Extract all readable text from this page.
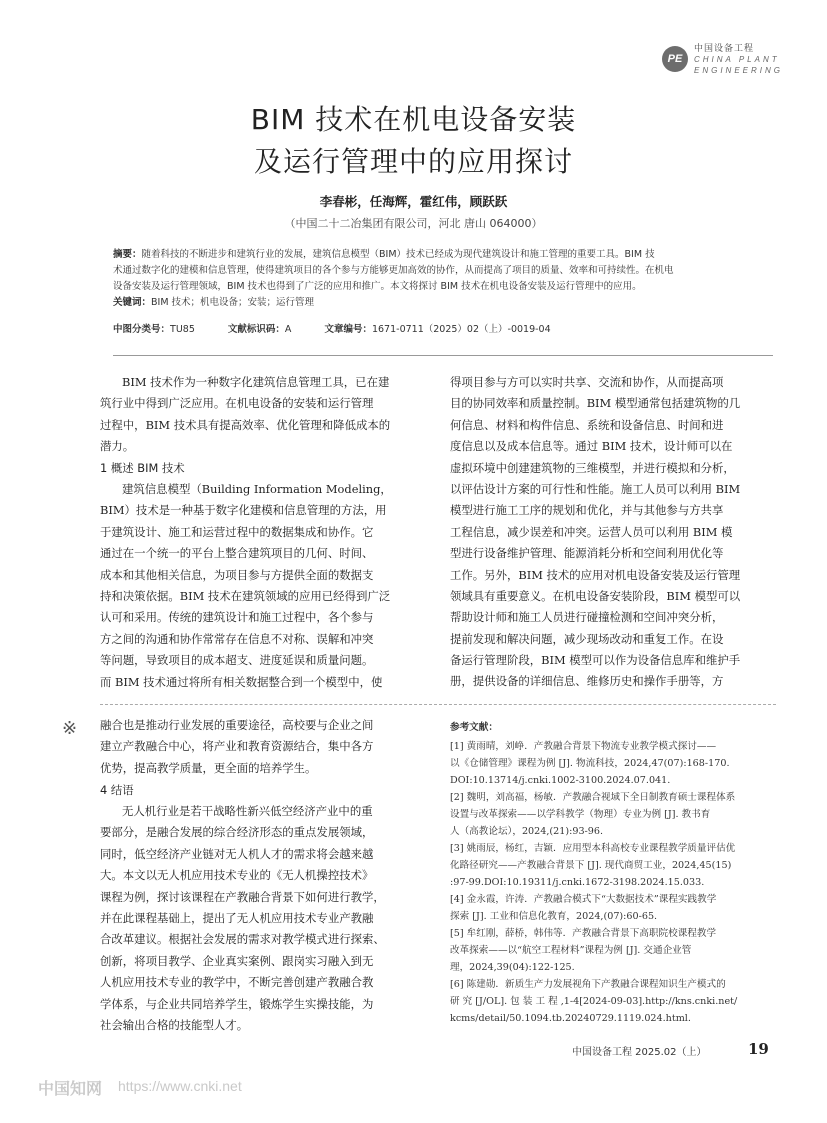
PE
中国设备工程
CHINA PLANT ENGINEERING
BIM 技术在机电设备安装
及运行管理中的应用探讨
李春彬，任海辉，霍红伟，顾跃跃
（中国二十二冶集团有限公司，河北 唐山 064000）
摘要：随着科技的不断进步和建筑行业的发展，建筑信息模型（BIM）技术已经成为现代建筑设计和施工管理的重要工具。BIM 技
术通过数字化的建模和信息管理，使得建筑项目的各个参与方能够更加高效的协作，从而提高了项目的质量、效率和可持续性。在机电
设备安装及运行管理领域，BIM 技术也得到了广泛的应用和推广。本文将探讨 BIM 技术在机电设备安装及运行管理中的应用。
关键词：BIM 技术；机电设备；安装；运行管理
中图分类号：TU85	文献标识码：A	文章编号：1671-0711（2025）02（上）-0019-04
BIM 技术作为一种数字化建筑信息管理工具，已在建
筑行业中得到广泛应用。在机电设备的安装和运行管理
过程中，BIM 技术具有提高效率、优化管理和降低成本的
潜力。
1 概述 BIM 技术
建筑信息模型（Building Information Modeling，
BIM）技术是一种基于数字化建模和信息管理的方法，用
于建筑设计、施工和运营过程中的数据集成和协作。它
通过在一个统一的平台上整合建筑项目的几何、时间、
成本和其他相关信息，为项目参与方提供全面的数据支
持和决策依据。BIM 技术在建筑领域的应用已经得到广泛
认可和采用。传统的建筑设计和施工过程中，各个参与
方之间的沟通和协作常常存在信息不对称、误解和冲突
等问题，导致项目的成本超支、进度延误和质量问题。
而 BIM 技术通过将所有相关数据整合到一个模型中，使
得项目参与方可以实时共享、交流和协作，从而提高项
目的协同效率和质量控制。BIM 模型通常包括建筑物的几
何信息、材料和构件信息、系统和设备信息、时间和进
度信息以及成本信息等。通过 BIM 技术，设计师可以在
虚拟环境中创建建筑物的三维模型，并进行模拟和分析，
以评估设计方案的可行性和性能。施工人员可以利用 BIM
模型进行施工工序的规划和优化，并与其他参与方共享
工程信息，减少误差和冲突。运营人员可以利用 BIM 模
型进行设备维护管理、能源消耗分析和空间利用优化等
工作。另外，BIM 技术的应用对机电设备安装及运行管理
领域具有重要意义。在机电设备安装阶段，BIM 模型可以
帮助设计师和施工人员进行碰撞检测和空间冲突分析，
提前发现和解决问题，减少现场改动和重复工作。在设
备运行管理阶段，BIM 模型可以作为设备信息库和维护手
册，提供设备的详细信息、维修历史和操作手册等，方
※ 融合也是推动行业发展的重要途径，高校要与企业之间
建立产教融合中心，将产业和教育资源结合，集中各方
优势，提高教学质量，更全面的培养学生。
4 结语
无人机行业是若干战略性新兴低空经济产业中的重
要部分，是融合发展的综合经济形态的重点发展领域，
同时，低空经济产业链对无人机人才的需求将会越来越
大。本文以无人机应用技术专业的《无人机操控技术》
课程为例，探讨该课程在产教融合背景下如何进行教学，
并在此课程基础上，提出了无人机应用技术专业产教融
合改革建议。根据社会发展的需求对教学模式进行探索、
创新，将项目教学、企业真实案例、跟岗实习融入到无
人机应用技术专业的教学中，不断完善创建产教融合教
学体系，与企业共同培养学生，锻炼学生实操技能，为
社会输出合格的技能型人才。
参考文献：
[1] 黄雨晴，刘峥．产教融合背景下物流专业教学模式探讨——
以《仓储管理》课程为例 [J]. 物流科技，2024,47(07):168-170.
DOI:10.13714/j.cnki.1002-3100.2024.07.041.
[2] 魏明，刘高福，杨敏．产教融合视域下全日制教育硕士课程体系
设置与改革探索——以学科教学（物理）专业为例 [J]. 教书育
人（高教论坛），2024,(21):93-96.
[3] 姚雨辰，杨红，吉颖．应用型本科高校专业课程教学质量评估优
化路径研究——产教融合背景下 [J]. 现代商贸工业，2024,45(15)
:97-99.DOI:10.19311/j.cnki.1672-3198.2024.15.033.
[4] 金永霞，许涛．产教融合模式下“大数据技术”课程实践教学
探索 [J]. 工业和信息化教育，2024,(07):60-65.
[5] 牟红刚，薛桥，韩伟等．产教融合背景下高职院校课程教学
改革探索——以“航空工程材料”课程为例 [J]. 交通企业管
理，2024,39(04):122-125.
[6] 陈建勋．新质生产力发展视角下产教融合课程知识生产模式的
研 究 [J/OL]. 包 装 工 程 ,1-4[2024-09-03].http://kns.cnki.net/
kcms/detail/50.1094.tb.20240729.1119.024.html.
中国设备工程 2025.02（上）	19
中国知网 https://www.cnki.net
